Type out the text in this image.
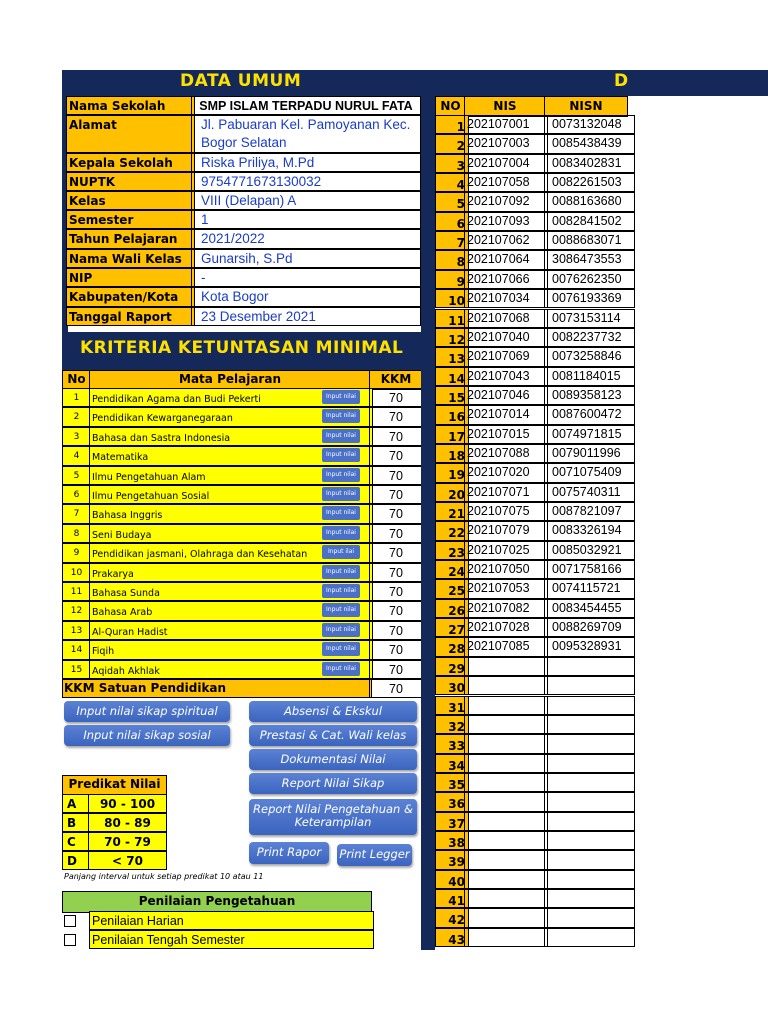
DATA UMUM	D
Nama Sekolah	SMP ISLAM TERPADU NURUL FATA
Alamat	Jl. Pabuaran Kel. Pamoyanan Kec.
Bogor Selatan
Kepala Sekolah	Riska Priliya, M.Pd
NUPTK	9754771673130032
Kelas	VIII (Delapan) A
Semester	1
Tahun Pelajaran	2021/2022
Nama Wali Kelas	Gunarsih, S.Pd
NIP	-
Kabupaten/Kota	Kota Bogor
Tanggal Raport	23 Desember 2021
KRITERIA KETUNTASAN MINIMAL
No	Mata Pelajaran	KKM
1	Pendidikan Agama dan Budi Pekerti	Input nilai	70
2	Pendidikan Kewarganegaraan	Input nilai	70
3	Bahasa dan Sastra Indonesia	Input nilai	70
4	Matematika	Input nilai	70
5	Ilmu Pengetahuan Alam	Input nilai	70
6	Ilmu Pengetahuan Sosial	Input nilai	70
7	Bahasa Inggris	Input nilai	70
8	Seni Budaya	Input nilai	70
9	Pendidikan jasmani, Olahraga dan Kesehatan	Input ilai	70
10	Prakarya	Input nilai	70
11	Bahasa Sunda	Input nilai	70
12	Bahasa Arab	Input nilai	70
13	Al-Quran Hadist	Input nilai	70
14	Fiqih	Input nilai	70
15	Aqidah Akhlak	Input nilai	70
KKM Satuan Pendidikan	70
Input nilai sikap spiritual
Input nilai sikap sosial
Absensi & Ekskul
Prestasi & Cat. Wali kelas
Dokumentasi Nilai
Report Nilai Sikap
Report Nilai Pengetahuan &
Keterampilan
Print Rapor	Print Legger
Predikat Nilai
A	90 - 100
B	80 - 89
C	70 - 79
D	< 70
Panjang interval untuk setiap predikat 10 atau 11
Penilaian Pengetahuan
Penilaian Harian
Penilaian Tengah Semester
NO	NIS	NISN
1 202107001	0073132048
2 202107003	0085438439
3 202107004	0083402831
4 202107058	0082261503
5 202107092	0088163680
6 202107093	0082841502
7 202107062	0088683071
8 202107064	3086473553
9 202107066	0076262350
10 202107034	0076193369
11 202107068	0073153114
12 202107040	0082237732
13 202107069	0073258846
14 202107043	0081184015
15 202107046	0089358123
16 202107014	0087600472
17 202107015	0074971815
18 202107088	0079011996
19 202107020	0071075409
20 202107071	0075740311
21 202107075	0087821097
22 202107079	0083326194
23 202107025	0085032921
24 202107050	0071758166
25 202107053	0074115721
26 202107082	0083454455
27 202107028	0088269709
28 202107085	0095328931
29
30
31
32
33
34
35
36
37
38
39
40
41
42
43
